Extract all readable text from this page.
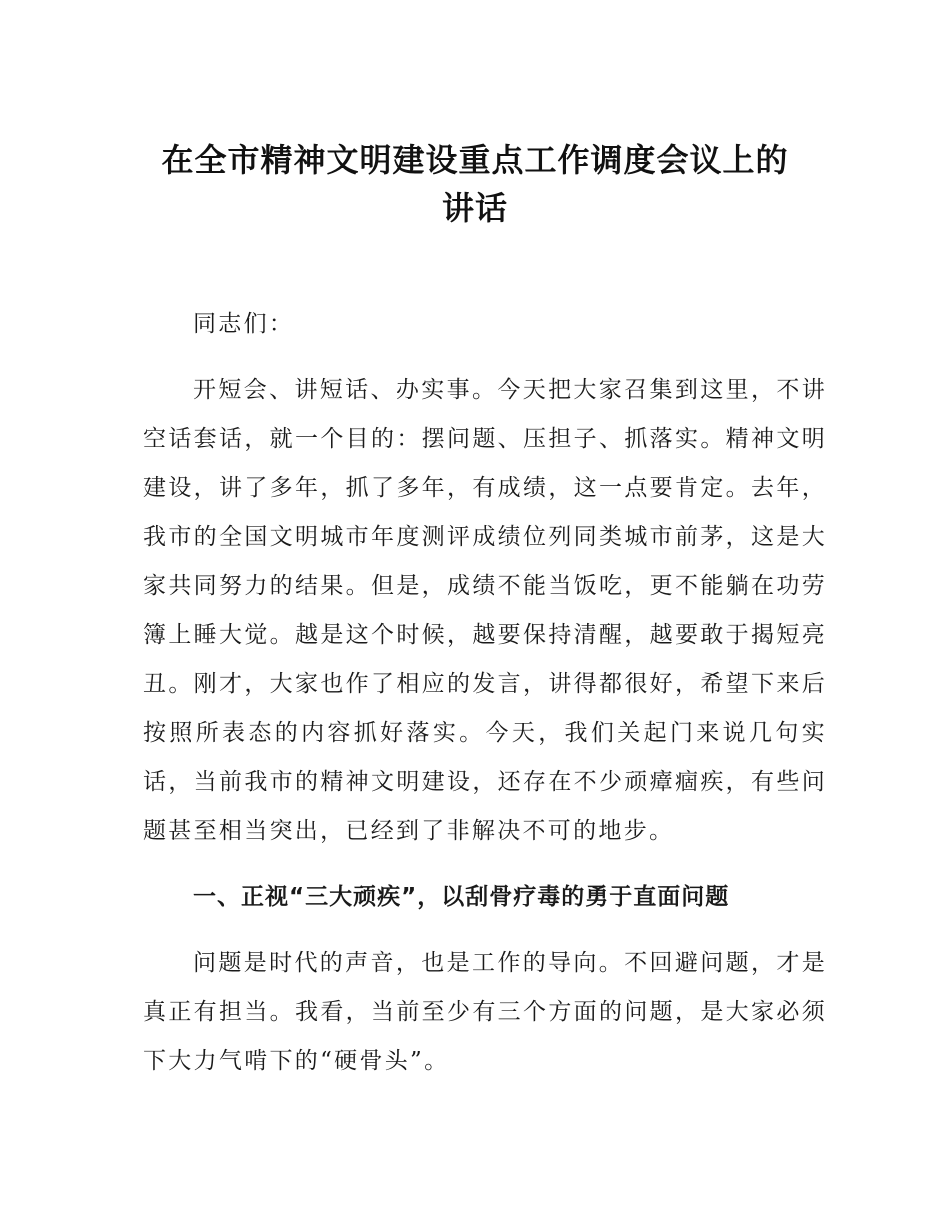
在全市精神文明建设重点工作调度会议上的
讲话

同志们：

开短会、讲短话、办实事。今天把大家召集到这里，不讲空话套话，就一个目的：摆问题、压担子、抓落实。精神文明建设，讲了多年，抓了多年，有成绩，这一点要肯定。去年，我市的全国文明城市年度测评成绩位列同类城市前茅，这是大家共同努力的结果。但是，成绩不能当饭吃，更不能躺在功劳簿上睡大觉。越是这个时候，越要保持清醒，越要敢于揭短亮丑。刚才，大家也作了相应的发言，讲得都很好，希望下来后按照所表态的内容抓好落实。今天，我们关起门来说几句实话，当前我市的精神文明建设，还存在不少顽瘴痼疾，有些问题甚至相当突出，已经到了非解决不可的地步。

一、正视“三大顽疾”，以刮骨疗毒的勇于直面问题

问题是时代的声音，也是工作的导向。不回避问题，才是真正有担当。我看，当前至少有三个方面的问题，是大家必须下大力气啃下的“硬骨头”。
